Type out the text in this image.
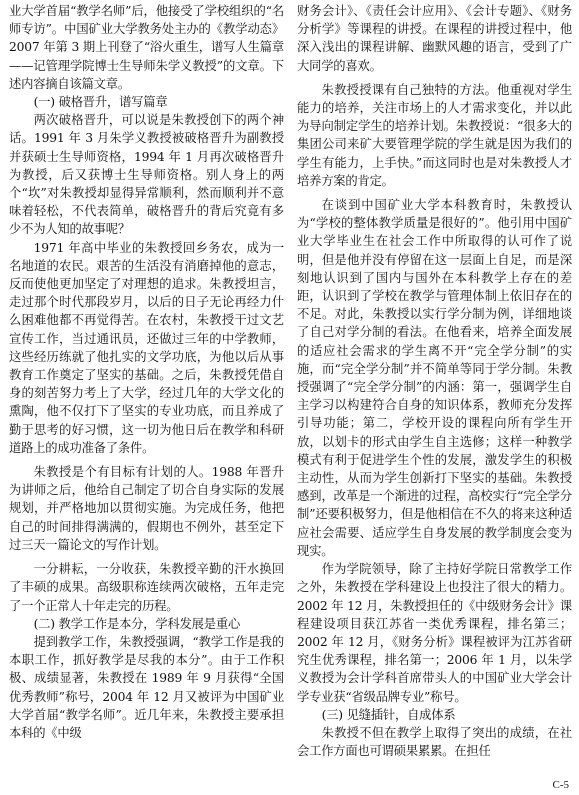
业大学首届“教学名师”后，他接受了学校组织的“名师专访”。中国矿业大学教务处主办的《教学动态》2007 年第 3 期上刊登了“浴火重生，谱写人生篇章——记管理学院博士生导师朱学义教授”的文章。下述内容摘自该篇文章。

(一) 破格晋升，谱写篇章

两次破格晋升，可以说是朱教授创下的两个神话。1991 年 3 月朱学义教授被破格晋升为副教授并获硕士生导师资格，1994 年 1 月再次破格晋升为教授，后又获博士生导师资格。别人身上的两个“坎”对朱教授却显得异常顺利，然而顺利并不意味着轻松，不代表简单，破格晋升的背后究竟有多少不为人知的故事呢？

1971 年高中毕业的朱教授回乡务农，成为一名地道的农民。艰苦的生活没有消磨掉他的意志，反而使他更加坚定了对理想的追求。朱教授坦言，走过那个时代那段岁月，以后的日子无论再经力什么困难他都不再觉得苦。在农村，朱教授干过文艺宣传工作，当过通讯员，还做过三年的中学教师，这些经历练就了他扎实的文学功底，为他以后从事教育工作奠定了坚实的基础。之后，朱教授凭借自身的刻苦努力考上了大学，经过几年的大学文化的熏陶，他不仅打下了坚实的专业功底，而且养成了勤于思考的好习惯，这一切为他日后在教学和科研道路上的成功准备了条件。

朱教授是个有目标有计划的人。1988 年晋升为讲师之后，他给自己制定了切合自身实际的发展规划，并严格地加以贯彻实施。为完成任务，他把自己的时间排得满满的，假期也不例外，甚至定下过三天一篇论文的写作计划。

一分耕耘，一分收获，朱教授辛勤的汗水换回了丰硕的成果。高级职称连续两次破格，五年走完了一个正常人十年走完的历程。

(二) 教学工作是本分，学科发展是重心

提到教学工作，朱教授强调，“教学工作是我的本职工作，抓好教学是尽我的本分”。由于工作积极、成绩显著，朱教授在 1989 年 9 月获得“全国优秀教师”称号，2004 年 12 月又被评为中国矿业大学首届“教学名师”。近几年来，朱教授主要承担本科的《中级

财务会计》、《责任会计应用》、《会计专题》、《财务分析学》等课程的讲授。在课程的讲授过程中，他深入浅出的课程讲解、幽默风趣的语言，受到了广大同学的喜欢。

朱教授授课有自己独特的方法。他重视对学生能力的培养，关注市场上的人才需求变化，并以此为导向制定学生的培养计划。朱教授说：“很多大的集团公司来矿大要管理学院的学生就是因为我们的学生有能力，上手快。”而这同时也是对朱教授人才培养方案的肯定。

在谈到中国矿业大学本科教育时，朱教授认为“学校的整体教学质量是很好的”。他引用中国矿业大学毕业生在社会工作中所取得的认可作了说明，但是他并没有停留在这一层面上自足，而是深刻地认识到了国内与国外在本科教学上存在的差距，认识到了学校在教学与管理体制上依旧存在的不足。对此，朱教授以实行学分制为例，详细地谈了自己对学分制的看法。在他看来，培养全面发展的适应社会需求的学生离不开“完全学分制”的实施，而“完全学分制”并不简单等同于学分制。朱教授强调了“完全学分制”的内涵：第一，强调学生自主学习以构建符合自身的知识体系，教师充分发挥引导功能；第二，学校开设的课程向所有学生开放，以划卡的形式由学生自主选修；这样一种教学模式有利于促进学生个性的发展，激发学生的积极主动性，从而为学生创新打下坚实的基础。朱教授感到，改革是一个渐进的过程，高校实行“完全学分制”还要积极努力，但是他相信在不久的将来这种适应社会需要、适应学生自身发展的教学制度会变为现实。

作为学院领导，除了主持好学院日常教学工作之外，朱教授在学科建设上也投注了很大的精力。2002 年 12 月，朱教授担任的《中级财务会计》课程建设项目获江苏省一类优秀课程，排名第三；2002 年 12 月，《财务分析》课程被评为江苏省研究生优秀课程，排名第一；2006 年 1 月，以朱学义教授为会计学科首席带头人的中国矿业大学会计学专业获“省级品牌专业”称号。

(三) 见缝插针，自成体系

朱教授不但在教学上取得了突出的成绩，在社会工作方面也可谓硕果累累。在担任

C-5
